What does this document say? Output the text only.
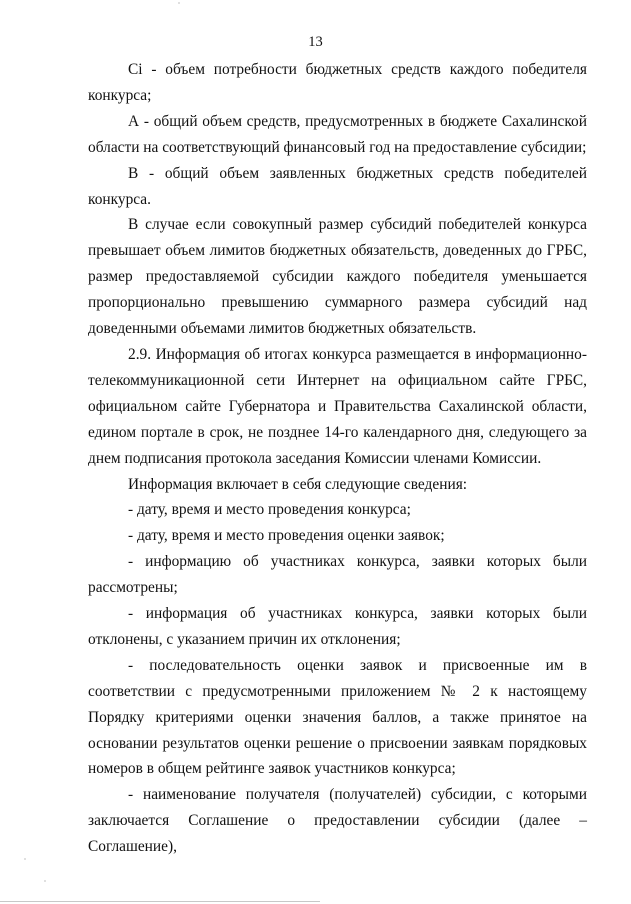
13

Ci - объем потребности бюджетных средств каждого победителя конкурса;

А - общий объем средств, предусмотренных в бюджете Сахалинской области на соответствующий финансовый год на предоставление субсидии;

В - общий объем заявленных бюджетных средств победителей конкурса.

В случае если совокупный размер субсидий победителей конкурса превышает объем лимитов бюджетных обязательств, доведенных до ГРБС, размер предоставляемой субсидии каждого победителя уменьшается пропорционально превышению суммарного размера субсидий над доведенными объемами лимитов бюджетных обязательств.

2.9. Информация об итогах конкурса размещается в информационно-телекоммуникационной сети Интернет на официальном сайте ГРБС, официальном сайте Губернатора и Правительства Сахалинской области, едином портале в срок, не позднее 14-го календарного дня, следующего за днем подписания протокола заседания Комиссии членами Комиссии.

Информация включает в себя следующие сведения:

- дату, время и место проведения конкурса;

- дату, время и место проведения оценки заявок;

- информацию об участниках конкурса, заявки которых были рассмотрены;

- информация об участниках конкурса, заявки которых были отклонены, с указанием причин их отклонения;

- последовательность оценки заявок и присвоенные им в соответствии с предусмотренными приложением № 2 к настоящему Порядку критериями оценки значения баллов, а также принятое на основании результатов оценки решение о присвоении заявкам порядковых номеров в общем рейтинге заявок участников конкурса;

- наименование получателя (получателей) субсидии, с которыми заключается Соглашение о предоставлении субсидии (далее – Соглашение),
